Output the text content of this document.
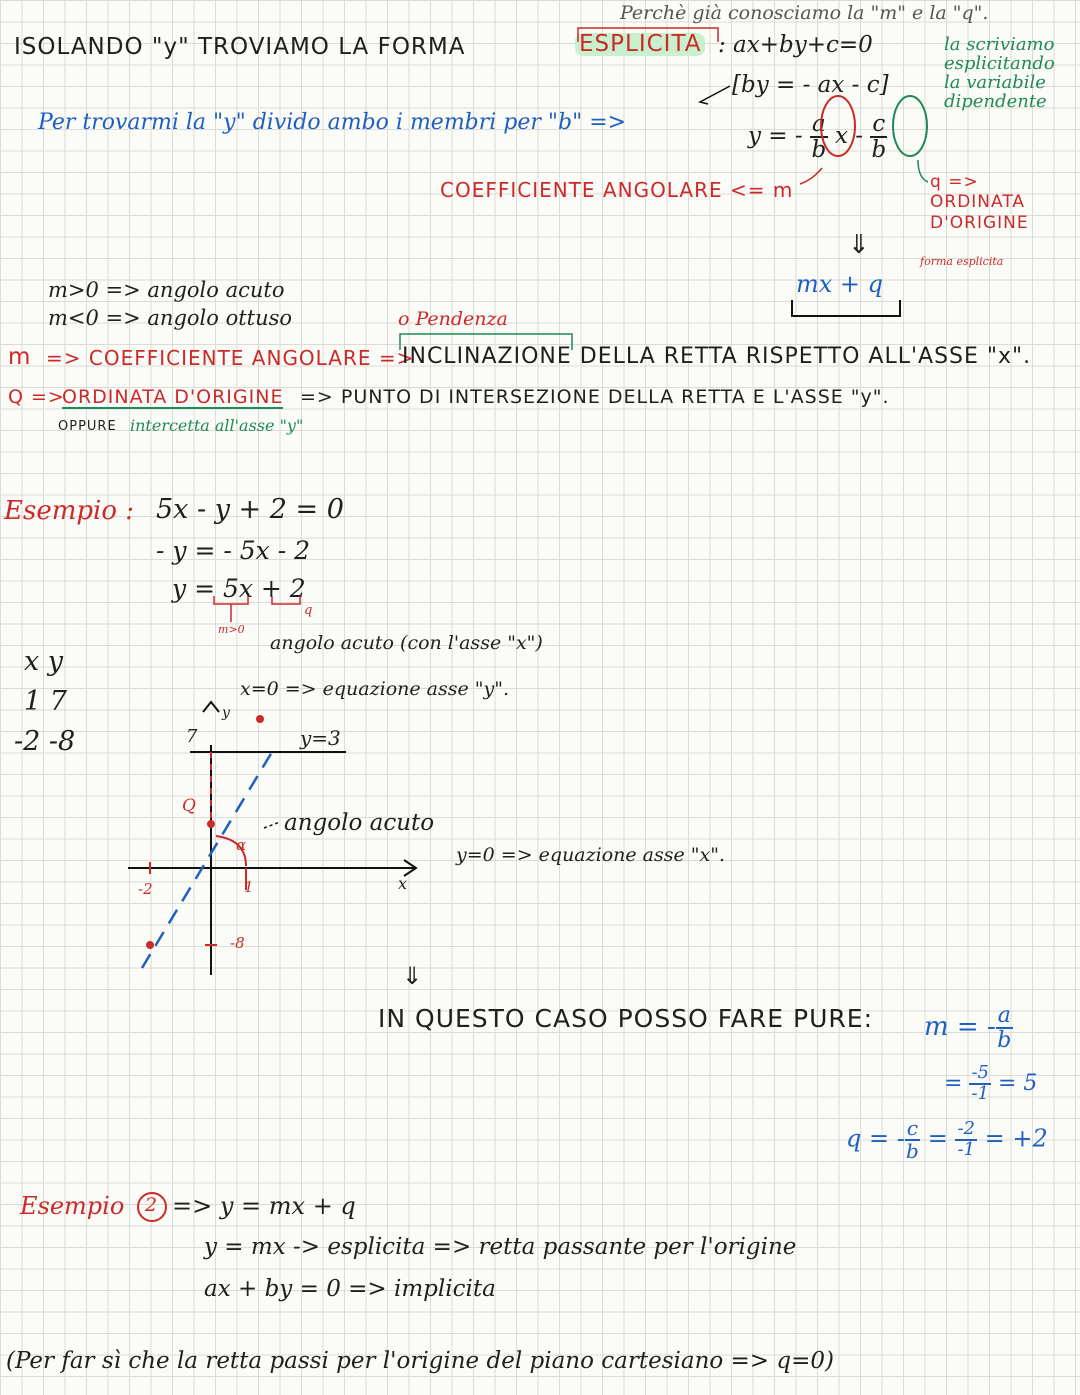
Perchè già conosciamo la "m" e la "q".
ISOLANDO "y" TROVIAMO LA FORMA	ESPLICITA : ax+by+c=0	la scriviamo esplicitando la variabile dipendente
Per trovarmi la "y" divido ambo i membri per "b" =>
[by = - ax - c]
y = - $\frac{a}{b}$ x - $\frac{c}{b}$
COEFFICIENTE ANGOLARE <= m	q => ORDINATA D'ORIGINE
⇓
mx + q
forma esplicita
m>0 => angolo acuto
m<0 => angolo ottuso	o Pendenza
m => COEFFICIENTE ANGOLARE =>
INCLINAZIONE DELLA RETTA RISPETTO ALL'ASSE "x".
Q =>
ORDINATA D'ORIGINE => PUNTO DI INTERSEZIONE DELLA RETTA E L'ASSE "y".
OPPURE intercetta all'asse "y"
Esempio : 5x - y + 2 = 0
- y = - 5x - 2
y = 5x + 2
m>0
q
angolo acuto (con l'asse "x")
x y
1 7
-2 -8
x=0 => equazione asse "y".
y=3
y
x
7
Q
-2	1
-8
α
angolo acuto
y=0 => equazione asse "x".
⇓
IN QUESTO CASO POSSO FARE PURE: m = - $\frac{a}{b}$
= $\frac{-5}{-1} = 5$
q = - $\frac{c}{b} = \frac{-2}{-1} = +2$
Esempio 2 => y = mx + q
y = mx -> esplicita => retta passante per l'origine
ax + by = 0 => implicita
(Per far sì che la retta passi per l'origine del piano cartesiano => q=0)
